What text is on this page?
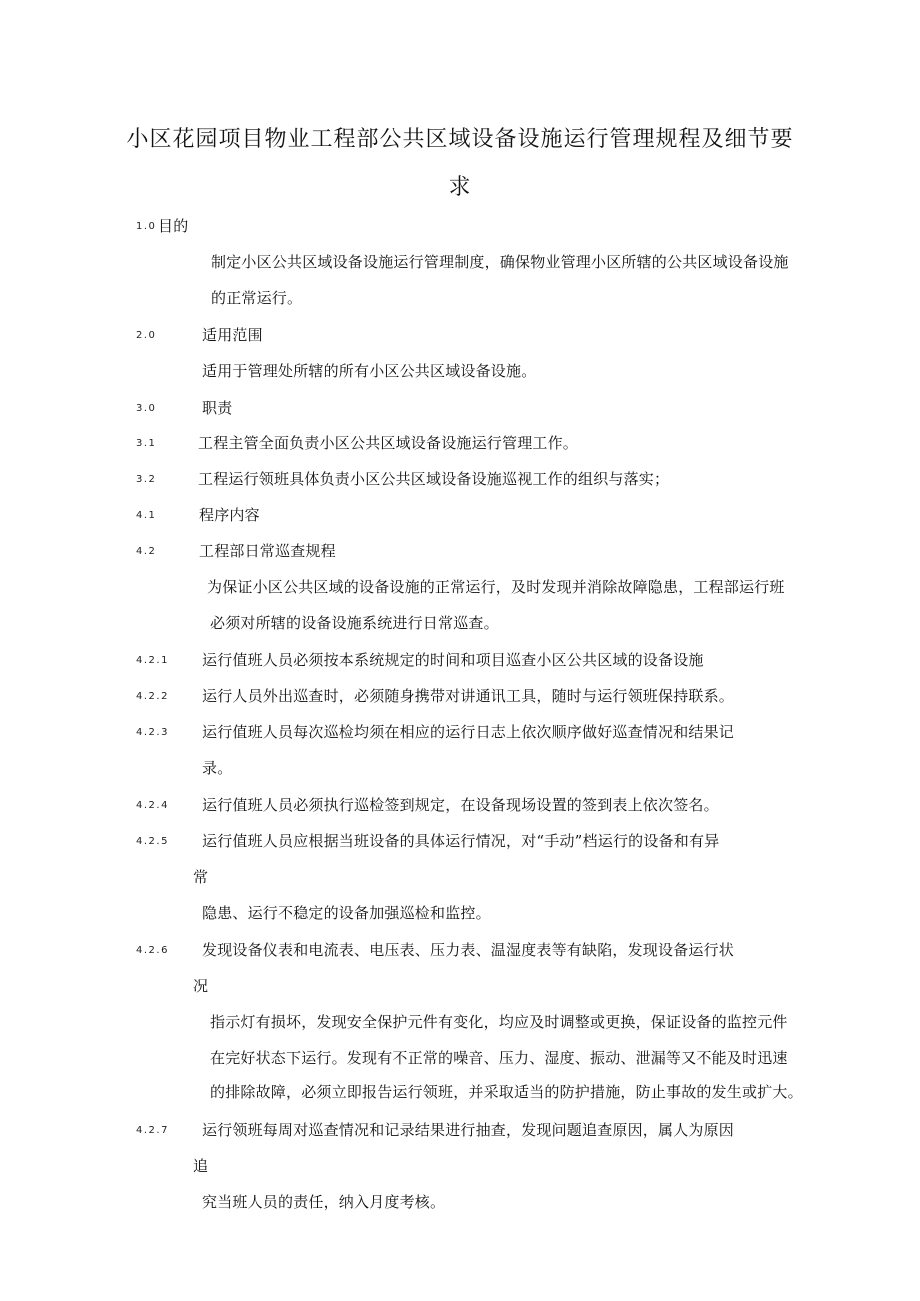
小区花园项目物业工程部公共区域设备设施运行管理规程及细节要
求
1.0 目的
制定小区公共区域设备设施运行管理制度，确保物业管理小区所辖的公共区域设备设施
的正常运行。
2.0	适用范围
适用于管理处所辖的所有小区公共区域设备设施。
3.0	职责
3.1	工程主管全面负责小区公共区域设备设施运行管理工作。
3.2	工程运行领班具体负责小区公共区域设备设施巡视工作的组织与落实；
4.1	程序内容
4.2	工程部日常巡查规程
为保证小区公共区域的设备设施的正常运行，及时发现并消除故障隐患，工程部运行班
必须对所辖的设备设施系统进行日常巡查。
4.2.1 运行值班人员必须按本系统规定的时间和项目巡查小区公共区域的设备设施
4.2.2 运行人员外出巡查时，必须随身携带对讲通讯工具，随时与运行领班保持联系。
4.2.3 运行值班人员每次巡检均须在相应的运行日志上依次顺序做好巡查情况和结果记
录。
4.2.4 运行值班人员必须执行巡检签到规定，在设备现场设置的签到表上依次签名。
4.2.5 运行值班人员应根据当班设备的具体运行情况，对“手动”档运行的设备和有异
常
隐患、运行不稳定的设备加强巡检和监控。
4.2.6 发现设备仪表和电流表、电压表、压力表、温湿度表等有缺陷，发现设备运行状
况
指示灯有损坏，发现安全保护元件有变化，均应及时调整或更换，保证设备的监控元件
在完好状态下运行。发现有不正常的噪音、压力、湿度、振动、泄漏等又不能及时迅速
的排除故障，必须立即报告运行领班，并采取适当的防护措施，防止事故的发生或扩大。
4.2.7 运行领班每周对巡查情况和记录结果进行抽查，发现问题追查原因，属人为原因
追
究当班人员的责任，纳入月度考核。
